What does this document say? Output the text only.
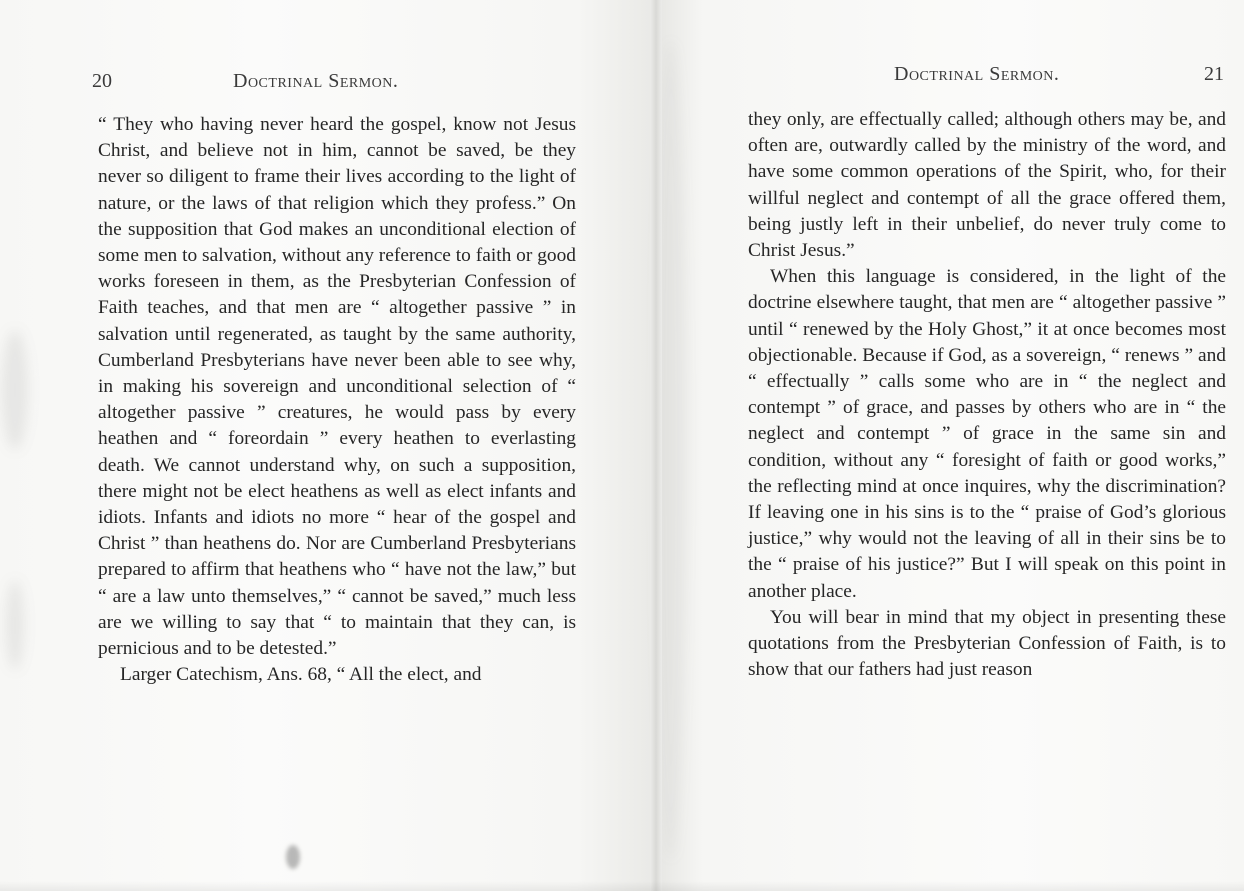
20	Doctrinal Sermon.

“ They who having never heard the gospel, know not Jesus Christ, and believe not in him, cannot be saved, be they never so diligent to frame their lives according to the light of nature, or the laws of that religion which they profess.” On the supposition that God makes an unconditional election of some men to salvation, without any reference to faith or good works foreseen in them, as the Presbyterian Confession of Faith teaches, and that men are “ altogether passive ” in salvation until regenerated, as taught by the same authority, Cumberland Presbyterians have never been able to see why, in making his sovereign and unconditional selection of “ altogether passive ” creatures, he would pass by every heathen and “ foreordain ” every heathen to everlasting death. We cannot understand why, on such a supposition, there might not be elect heathens as well as elect infants and idiots. Infants and idiots no more “ hear of the gospel and Christ ” than heathens do. Nor are Cumberland Presbyterians prepared to affirm that heathens who “ have not the law,” but “ are a law unto themselves,” “ cannot be saved,” much less are we willing to say that “ to maintain that they can, is pernicious and to be detested.”

Larger Catechism, Ans. 68, “ All the elect, and

Doctrinal Sermon.	21

they only, are effectually called; although others may be, and often are, outwardly called by the ministry of the word, and have some common operations of the Spirit, who, for their willful neglect and contempt of all the grace offered them, being justly left in their unbelief, do never truly come to Christ Jesus.”

When this language is considered, in the light of the doctrine elsewhere taught, that men are “ altogether passive ” until “ renewed by the Holy Ghost,” it at once becomes most objectionable. Because if God, as a sovereign, “ renews ” and “ effectually ” calls some who are in “ the neglect and contempt ” of grace, and passes by others who are in “ the neglect and contempt ” of grace in the same sin and condition, without any “ foresight of faith or good works,” the reflecting mind at once inquires, why the discrimination? If leaving one in his sins is to the “ praise of God’s glorious justice,” why would not the leaving of all in their sins be to the “ praise of his justice?” But I will speak on this point in another place.

You will bear in mind that my object in presenting these quotations from the Presbyterian Confession of Faith, is to show that our fathers had just reason
